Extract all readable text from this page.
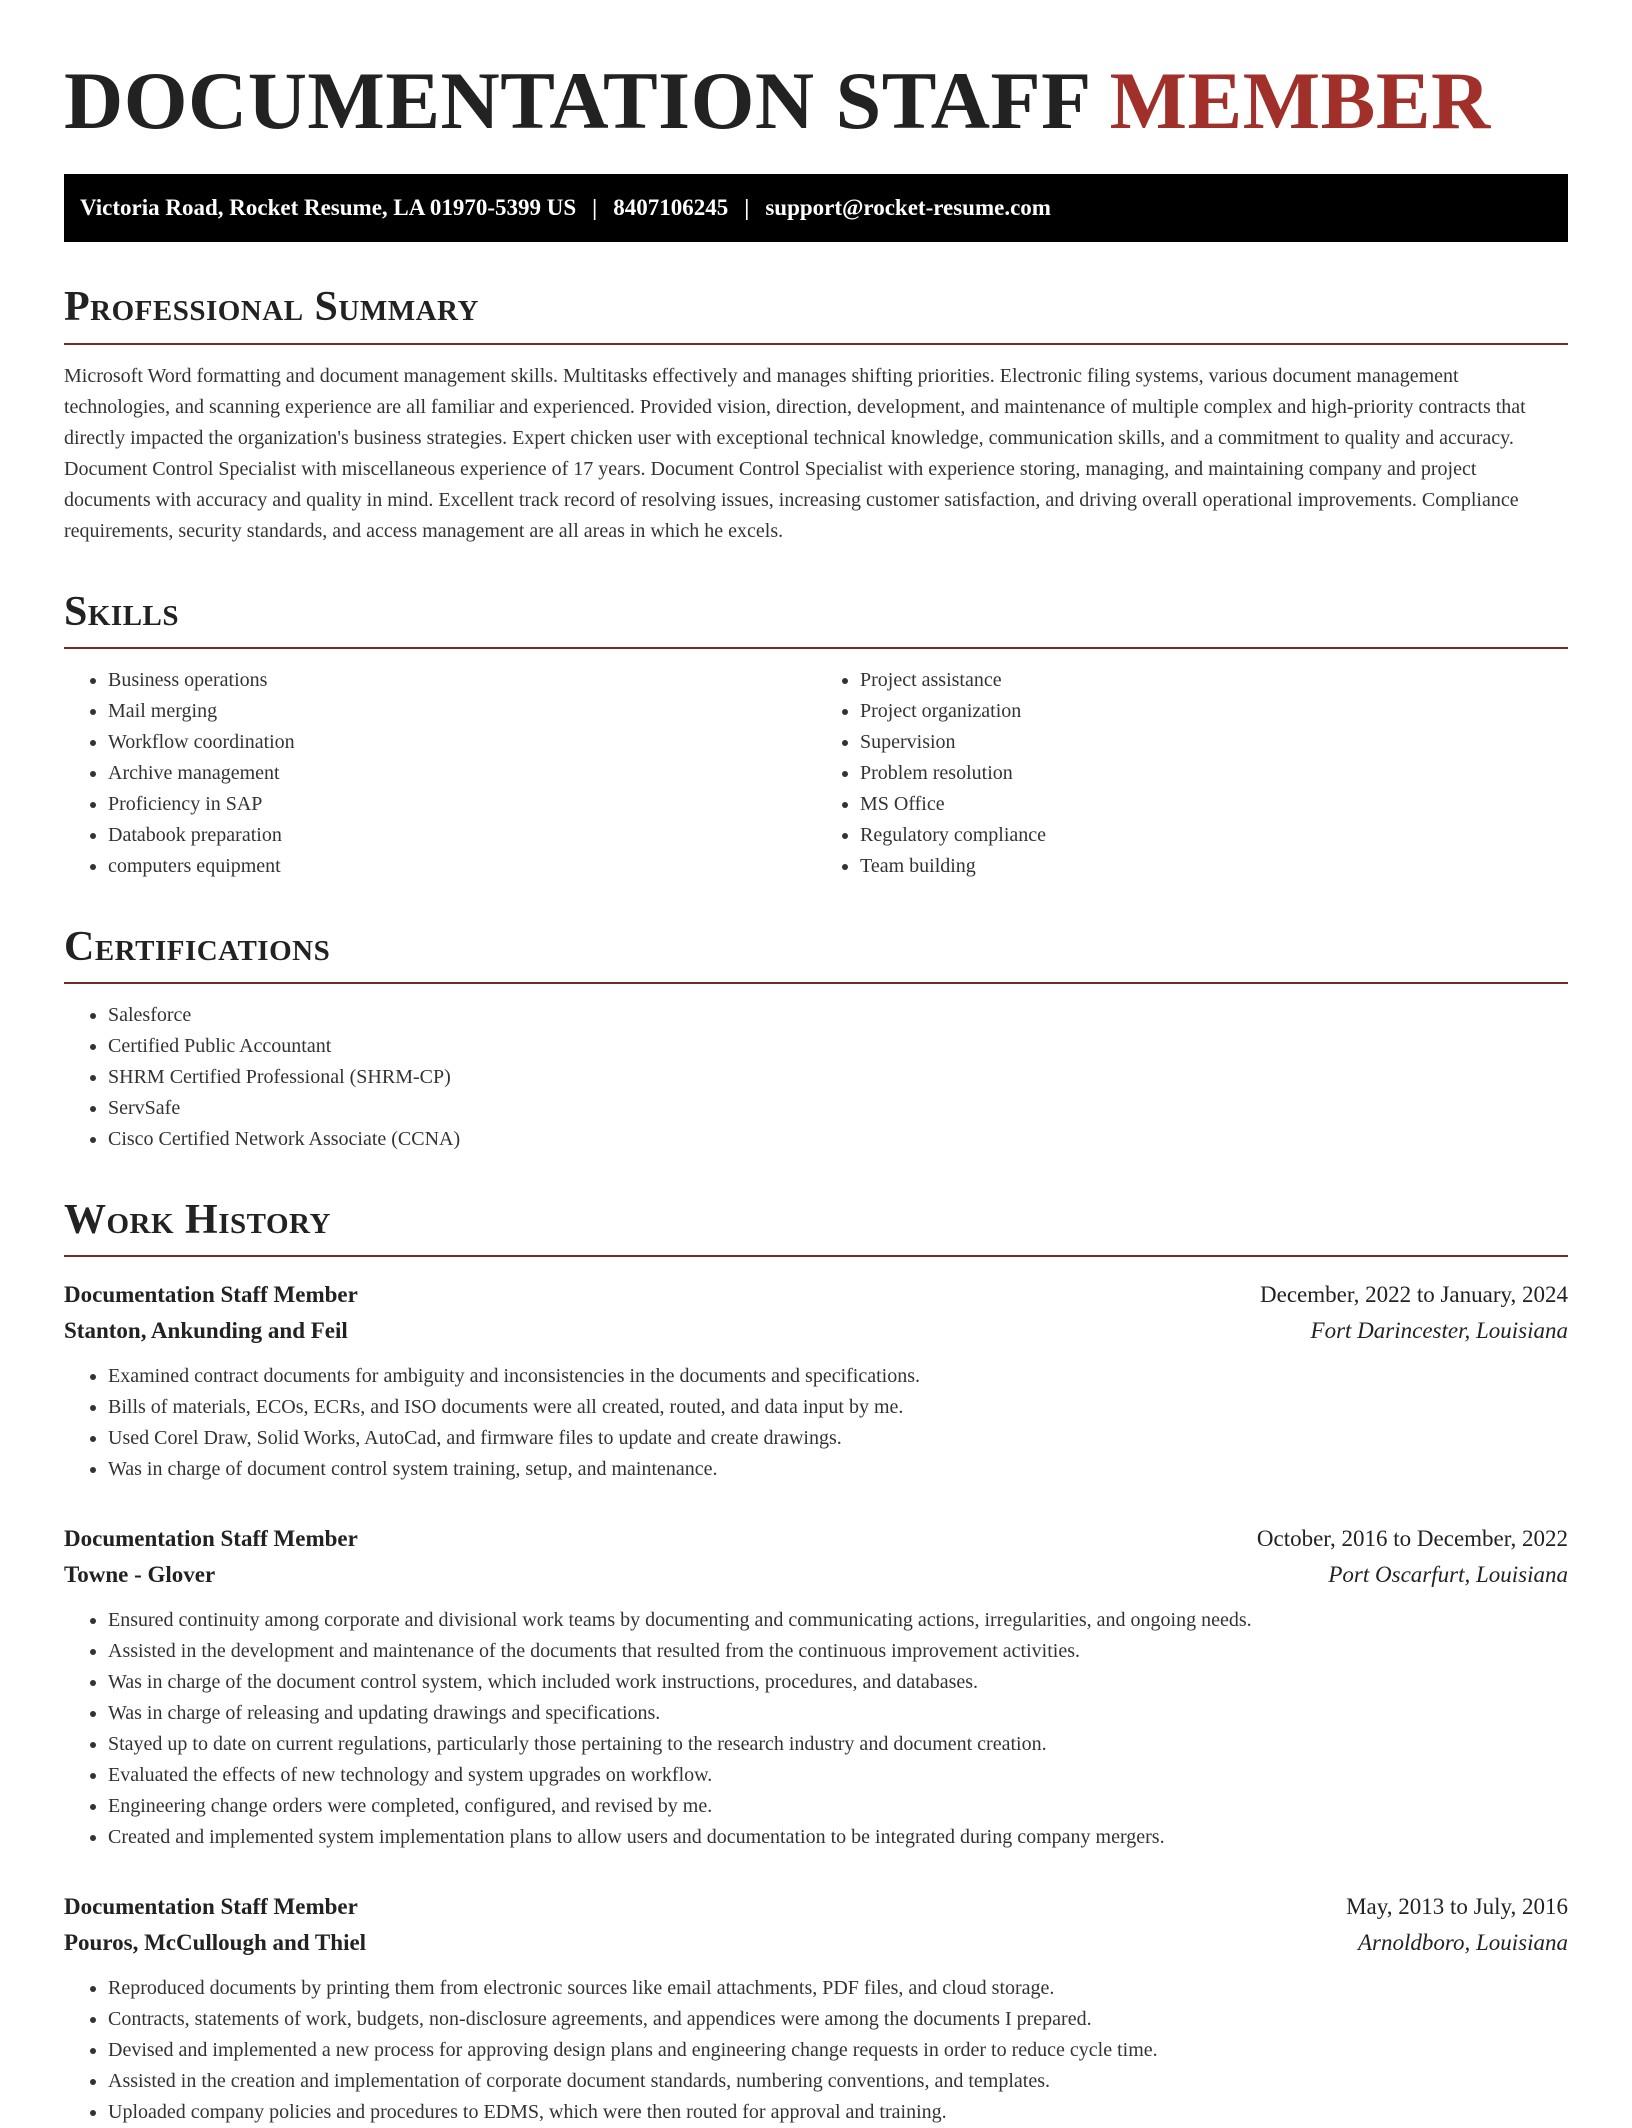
DOCUMENTATION STAFF MEMBER
Victoria Road, Rocket Resume, LA 01970-5399 US | 8407106245 | support@rocket-resume.com
Professional Summary

Microsoft Word formatting and document management skills. Multitasks effectively and manages shifting priorities. Electronic filing systems, various document management technologies, and scanning experience are all familiar and experienced. Provided vision, direction, development, and maintenance of multiple complex and high-priority contracts that directly impacted the organization's business strategies. Expert chicken user with exceptional technical knowledge, communication skills, and a commitment to quality and accuracy. Document Control Specialist with miscellaneous experience of 17 years. Document Control Specialist with experience storing, managing, and maintaining company and project documents with accuracy and quality in mind. Excellent track record of resolving issues, increasing customer satisfaction, and driving overall operational improvements. Compliance requirements, security standards, and access management are all areas in which he excels.

Skills
• Business operations
• Mail merging
• Workflow coordination
• Archive management
• Proficiency in SAP
• Databook preparation
• computers equipment
• Project assistance
• Project organization
• Supervision
• Problem resolution
• MS Office
• Regulatory compliance
• Team building
Certifications
• Salesforce
• Certified Public Accountant
• SHRM Certified Professional (SHRM-CP)
• ServSafe
• Cisco Certified Network Associate (CCNA)
Work History
Documentation Staff Member	December, 2022 to January, 2024
Stanton, Ankunding and Feil	Fort Darincester, Louisiana
• Examined contract documents for ambiguity and inconsistencies in the documents and specifications.
• Bills of materials, ECOs, ECRs, and ISO documents were all created, routed, and data input by me.
• Used Corel Draw, Solid Works, AutoCad, and firmware files to update and create drawings.
• Was in charge of document control system training, setup, and maintenance.
Documentation Staff Member	October, 2016 to December, 2022
Towne - Glover	Port Oscarfurt, Louisiana
• Ensured continuity among corporate and divisional work teams by documenting and communicating actions, irregularities, and ongoing needs.
• Assisted in the development and maintenance of the documents that resulted from the continuous improvement activities.
• Was in charge of the document control system, which included work instructions, procedures, and databases.
• Was in charge of releasing and updating drawings and specifications.
• Stayed up to date on current regulations, particularly those pertaining to the research industry and document creation.
• Evaluated the effects of new technology and system upgrades on workflow.
• Engineering change orders were completed, configured, and revised by me.
• Created and implemented system implementation plans to allow users and documentation to be integrated during company mergers.
Documentation Staff Member	May, 2013 to July, 2016
Pouros, McCullough and Thiel	Arnoldboro, Louisiana
• Reproduced documents by printing them from electronic sources like email attachments, PDF files, and cloud storage.
• Contracts, statements of work, budgets, non-disclosure agreements, and appendices were among the documents I prepared.
• Devised and implemented a new process for approving design plans and engineering change requests in order to reduce cycle time.
• Assisted in the creation and implementation of corporate document standards, numbering conventions, and templates.
• Uploaded company policies and procedures to EDMS, which were then routed for approval and training.
